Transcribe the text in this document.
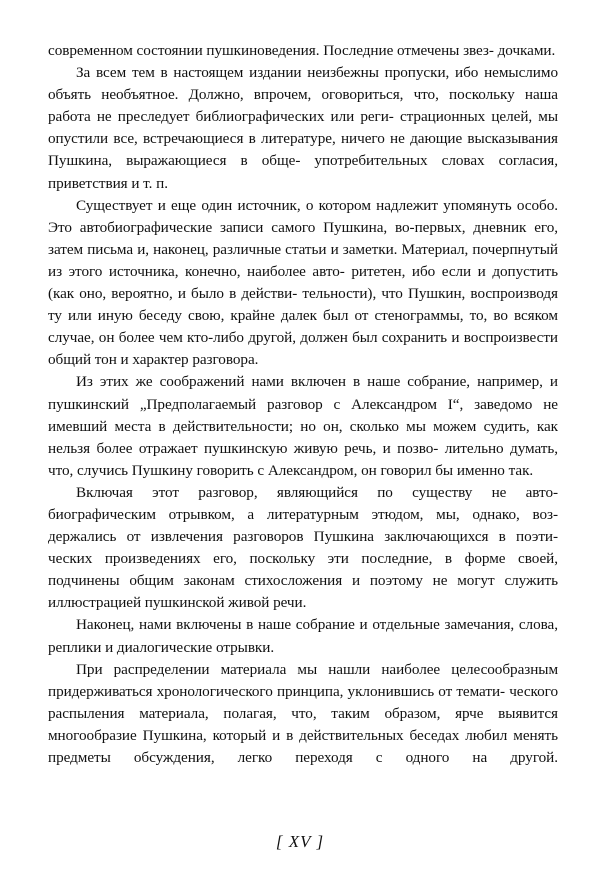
современном состоянии пушкиноведения. Последние отмечены звез- дочками.

За всем тем в настоящем издании неизбежны пропуски, ибо немыслимо объять необъятное. Должно, впрочем, оговориться, что, поскольку наша работа не преследует библиографических или реги- страционных целей, мы опустили все, встречающиеся в литературе, ничего не дающие высказывания Пушкина, выражающиеся в обще- употребительных словах согласия, приветствия и т. п.

Существует и еще один источник, о котором надлежит упомянуть особо. Это автобиографические записи самого Пушкина, во-первых, дневник его, затем письма и, наконец, различные статьи и заметки. Материал, почерпнутый из этого источника, конечно, наиболее авто- ритетен, ибо если и допустить (как оно, вероятно, и было в действи- тельности), что Пушкин, воспроизводя ту или иную беседу свою, крайне далек был от стенограммы, то, во всяком случае, он более чем кто-либо другой, должен был сохранить и воспроизвести общий тон и характер разговора.

Из этих же соображений нами включен в наше собрание, например, и пушкинский „Предполагаемый разговор с Александром I“, заведомо не имевший места в действительности; но он, сколько мы можем судить, как нельзя более отражает пушкинскую живую речь, и позво- лительно думать, что, случись Пушкину говорить с Александром, он говорил бы именно так.

Включая этот разговор, являющийся по существу не авто- биографическим отрывком, а литературным этюдом, мы, однако, воз- держались от извлечения разговоров Пушкина заключающихся в поэти- ческих произведениях его, поскольку эти последние, в форме своей, подчинены общим законам стихосложения и поэтому не могут служить иллюстрацией пушкинской живой речи.

Наконец, нами включены в наше собрание и отдельные замечания, слова, реплики и диалогические отрывки.

При распределении материала мы нашли наиболее целесообразным придерживаться хронологического принципа, уклонившись от темати- ческого распыления материала, полагая, что, таким образом, ярче выявится многообразие Пушкина, который и в действительных беседах любил менять предметы обсуждения, легко переходя с одного на другой.

[ XV ]
